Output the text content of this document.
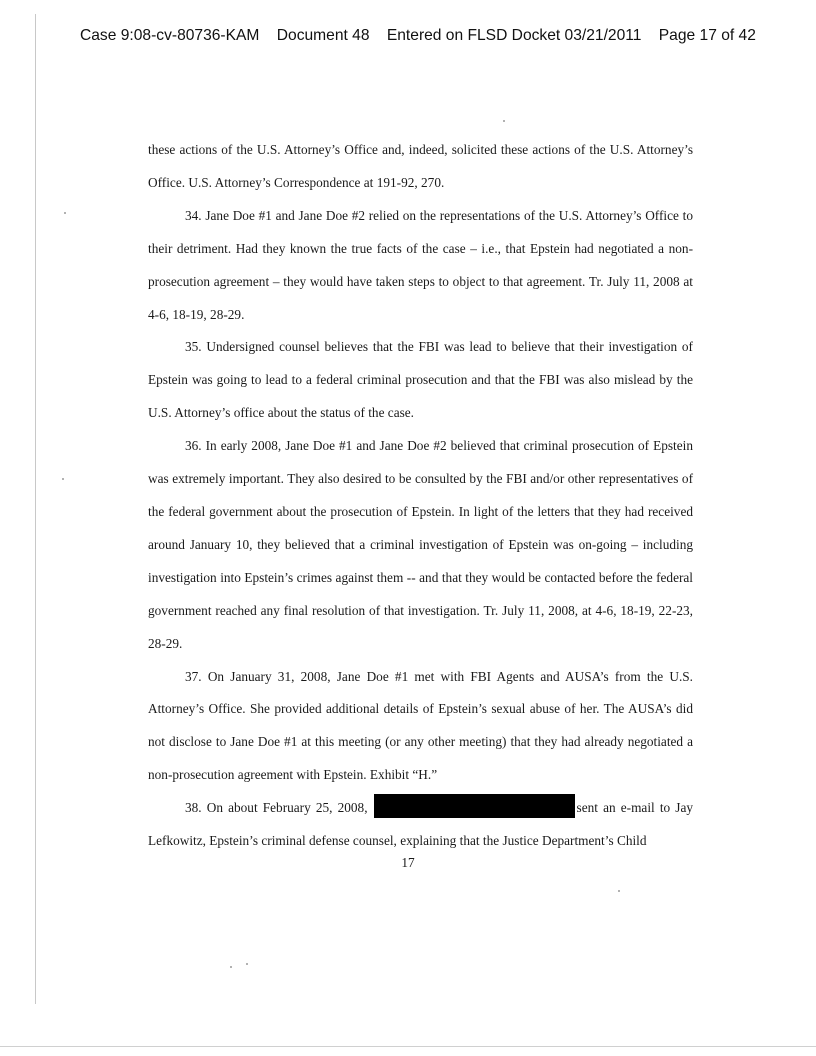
Case 9:08-cv-80736-KAM Document 48 Entered on FLSD Docket 03/21/2011 Page 17 of 42

these actions of the U.S. Attorney’s Office and, indeed, solicited these actions of the U.S. Attorney’s Office. U.S. Attorney’s Correspondence at 191-92, 270.

34. Jane Doe #1 and Jane Doe #2 relied on the representations of the U.S. Attorney’s Office to their detriment. Had they known the true facts of the case – i.e., that Epstein had negotiated a non-prosecution agreement – they would have taken steps to object to that agreement. Tr. July 11, 2008 at 4-6, 18-19, 28-29.

35. Undersigned counsel believes that the FBI was lead to believe that their investigation of Epstein was going to lead to a federal criminal prosecution and that the FBI was also mislead by the U.S. Attorney’s office about the status of the case.

36. In early 2008, Jane Doe #1 and Jane Doe #2 believed that criminal prosecution of Epstein was extremely important. They also desired to be consulted by the FBI and/or other representatives of the federal government about the prosecution of Epstein. In light of the letters that they had received around January 10, they believed that a criminal investigation of Epstein was on-going – including investigation into Epstein’s crimes against them -- and that they would be contacted before the federal government reached any final resolution of that investigation. Tr. July 11, 2008, at 4-6, 18-19, 22-23, 28-29.

37. On January 31, 2008, Jane Doe #1 met with FBI Agents and AUSA’s from the U.S. Attorney’s Office. She provided additional details of Epstein’s sexual abuse of her. The AUSA’s did not disclose to Jane Doe #1 at this meeting (or any other meeting) that they had already negotiated a non-prosecution agreement with Epstein. Exhibit “H.”

38. On about February 25, 2008,	sent an e-mail to Jay Lefkowitz, Epstein’s criminal defense counsel, explaining that the Justice Department’s Child

17
